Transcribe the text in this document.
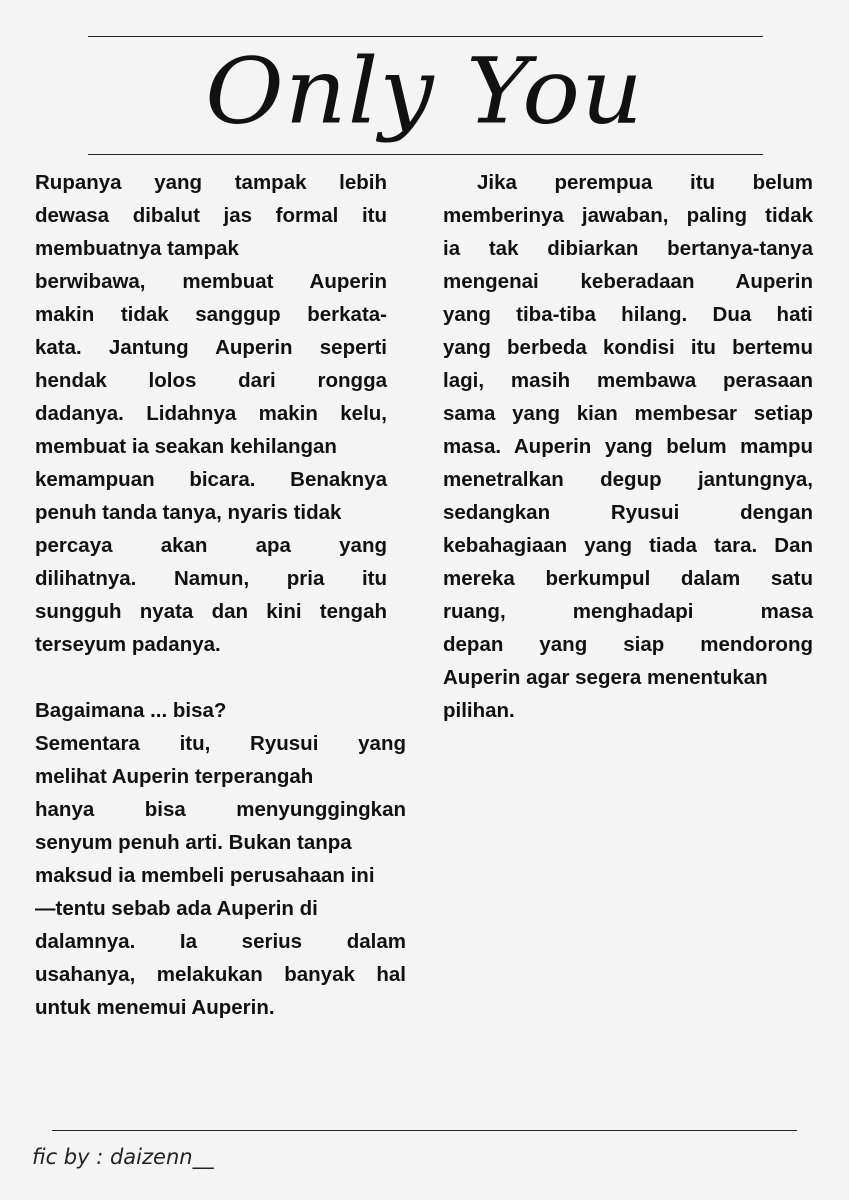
Only You
Rupanya yang tampak lebih
dewasa dibalut jas formal itu
membuatnya tampak
berwibawa, membuat Auperin
makin tidak sanggup berkata-
kata. Jantung Auperin seperti
hendak lolos dari rongga
dadanya. Lidahnya makin kelu,
membuat ia seakan kehilangan
kemampuan bicara. Benaknya
penuh tanda tanya, nyaris tidak
percaya akan apa yang
dilihatnya. Namun, pria itu
sungguh nyata dan kini tengah
terseyum padanya.
Bagaimana ... bisa?
Sementara itu, Ryusui yang
melihat Auperin terperangah
hanya bisa menyunggingkan
senyum penuh arti. Bukan tanpa
maksud ia membeli perusahaan ini
—tentu sebab ada Auperin di
dalamnya. Ia serius dalam
usahanya, melakukan banyak hal
untuk menemui Auperin.
Jika perempua itu belum
memberinya jawaban, paling tidak
ia tak dibiarkan bertanya-tanya
mengenai keberadaan Auperin
yang tiba-tiba hilang. Dua hati
yang berbeda kondisi itu bertemu
lagi, masih membawa perasaan
sama yang kian membesar setiap
masa. Auperin yang belum mampu
menetralkan degup jantungnya,
sedangkan Ryusui dengan
kebahagiaan yang tiada tara. Dan
mereka berkumpul dalam satu
ruang, menghadapi masa
depan yang siap mendorong
Auperin agar segera menentukan
pilihan.
fic by : daizenn__
